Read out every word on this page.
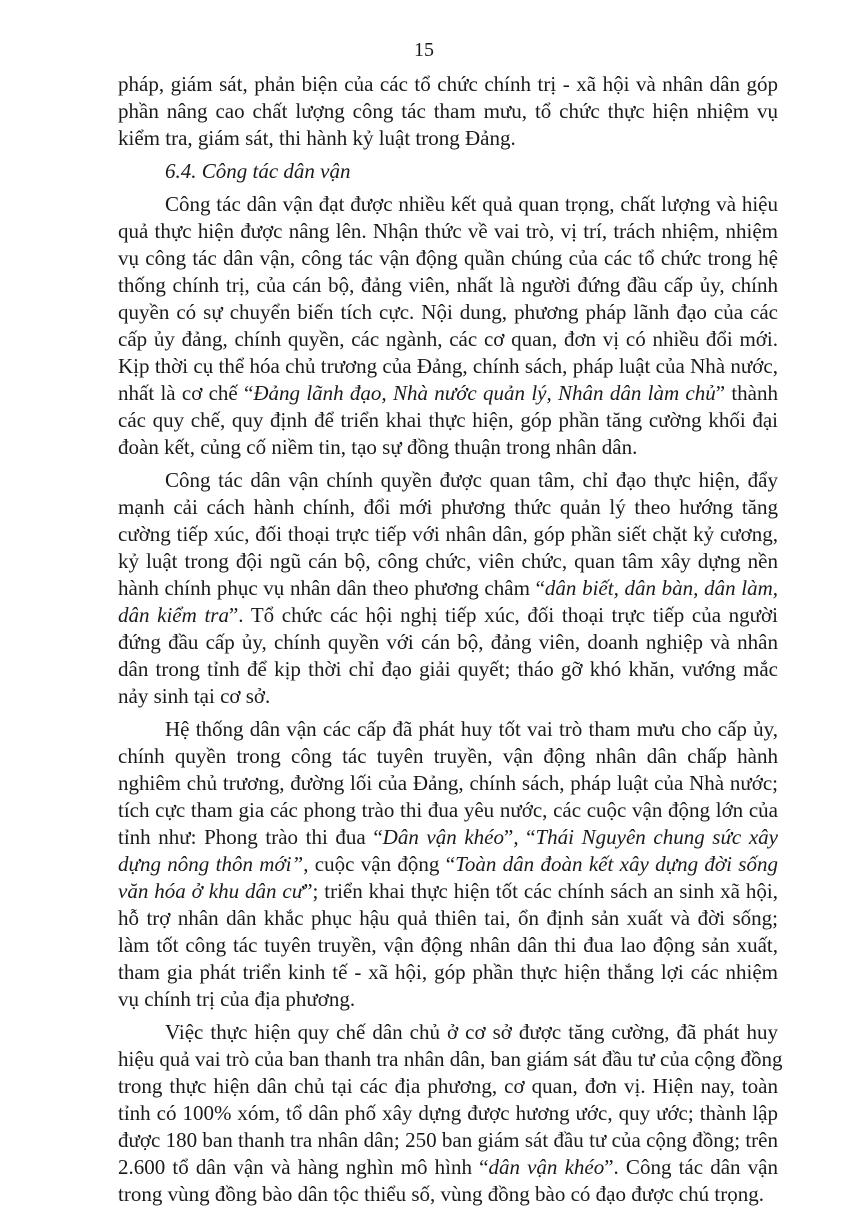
15
pháp, giám sát, phản biện của các tổ chức chính trị - xã hội và nhân dân góp
phần nâng cao chất lượng công tác tham mưu, tổ chức thực hiện nhiệm vụ
kiểm tra, giám sát, thi hành kỷ luật trong Đảng.
6.4. Công tác dân vận
Công tác dân vận đạt được nhiều kết quả quan trọng, chất lượng và hiệu
quả thực hiện được nâng lên. Nhận thức về vai trò, vị trí, trách nhiệm, nhiệm
vụ công tác dân vận, công tác vận động quần chúng của các tổ chức trong hệ
thống chính trị, của cán bộ, đảng viên, nhất là người đứng đầu cấp ủy, chính
quyền có sự chuyển biến tích cực. Nội dung, phương pháp lãnh đạo của các
cấp ủy đảng, chính quyền, các ngành, các cơ quan, đơn vị có nhiều đổi mới.
Kịp thời cụ thể hóa chủ trương của Đảng, chính sách, pháp luật của Nhà nước,
nhất là cơ chế “Đảng lãnh đạo, Nhà nước quản lý, Nhân dân làm chủ” thành
các quy chế, quy định để triển khai thực hiện, góp phần tăng cường khối đại
đoàn kết, củng cố niềm tin, tạo sự đồng thuận trong nhân dân.
Công tác dân vận chính quyền được quan tâm, chỉ đạo thực hiện, đẩy
mạnh cải cách hành chính, đổi mới phương thức quản lý theo hướng tăng
cường tiếp xúc, đối thoại trực tiếp với nhân dân, góp phần siết chặt kỷ cương,
kỷ luật trong đội ngũ cán bộ, công chức, viên chức, quan tâm xây dựng nền
hành chính phục vụ nhân dân theo phương châm “dân biết, dân bàn, dân làm,
dân kiểm tra”. Tổ chức các hội nghị tiếp xúc, đối thoại trực tiếp của người
đứng đầu cấp ủy, chính quyền với cán bộ, đảng viên, doanh nghiệp và nhân
dân trong tỉnh để kịp thời chỉ đạo giải quyết; tháo gỡ khó khăn, vướng mắc
nảy sinh tại cơ sở.
Hệ thống dân vận các cấp đã phát huy tốt vai trò tham mưu cho cấp ủy,
chính quyền trong công tác tuyên truyền, vận động nhân dân chấp hành
nghiêm chủ trương, đường lối của Đảng, chính sách, pháp luật của Nhà nước;
tích cực tham gia các phong trào thi đua yêu nước, các cuộc vận động lớn của
tỉnh như: Phong trào thi đua “Dân vận khéo”, “Thái Nguyên chung sức xây
dựng nông thôn mới”, cuộc vận động “Toàn dân đoàn kết xây dựng đời sống
văn hóa ở khu dân cư”; triển khai thực hiện tốt các chính sách an sinh xã hội,
hỗ trợ nhân dân khắc phục hậu quả thiên tai, ổn định sản xuất và đời sống;
làm tốt công tác tuyên truyền, vận động nhân dân thi đua lao động sản xuất,
tham gia phát triển kinh tế - xã hội, góp phần thực hiện thắng lợi các nhiệm
vụ chính trị của địa phương.
Việc thực hiện quy chế dân chủ ở cơ sở được tăng cường, đã phát huy
hiệu quả vai trò của ban thanh tra nhân dân, ban giám sát đầu tư của cộng đồng
trong thực hiện dân chủ tại các địa phương, cơ quan, đơn vị. Hiện nay, toàn
tỉnh có 100% xóm, tổ dân phố xây dựng được hương ước, quy ước; thành lập
được 180 ban thanh tra nhân dân; 250 ban giám sát đầu tư của cộng đồng; trên
2.600 tổ dân vận và hàng nghìn mô hình “dân vận khéo”. Công tác dân vận
trong vùng đồng bào dân tộc thiểu số, vùng đồng bào có đạo được chú trọng.
